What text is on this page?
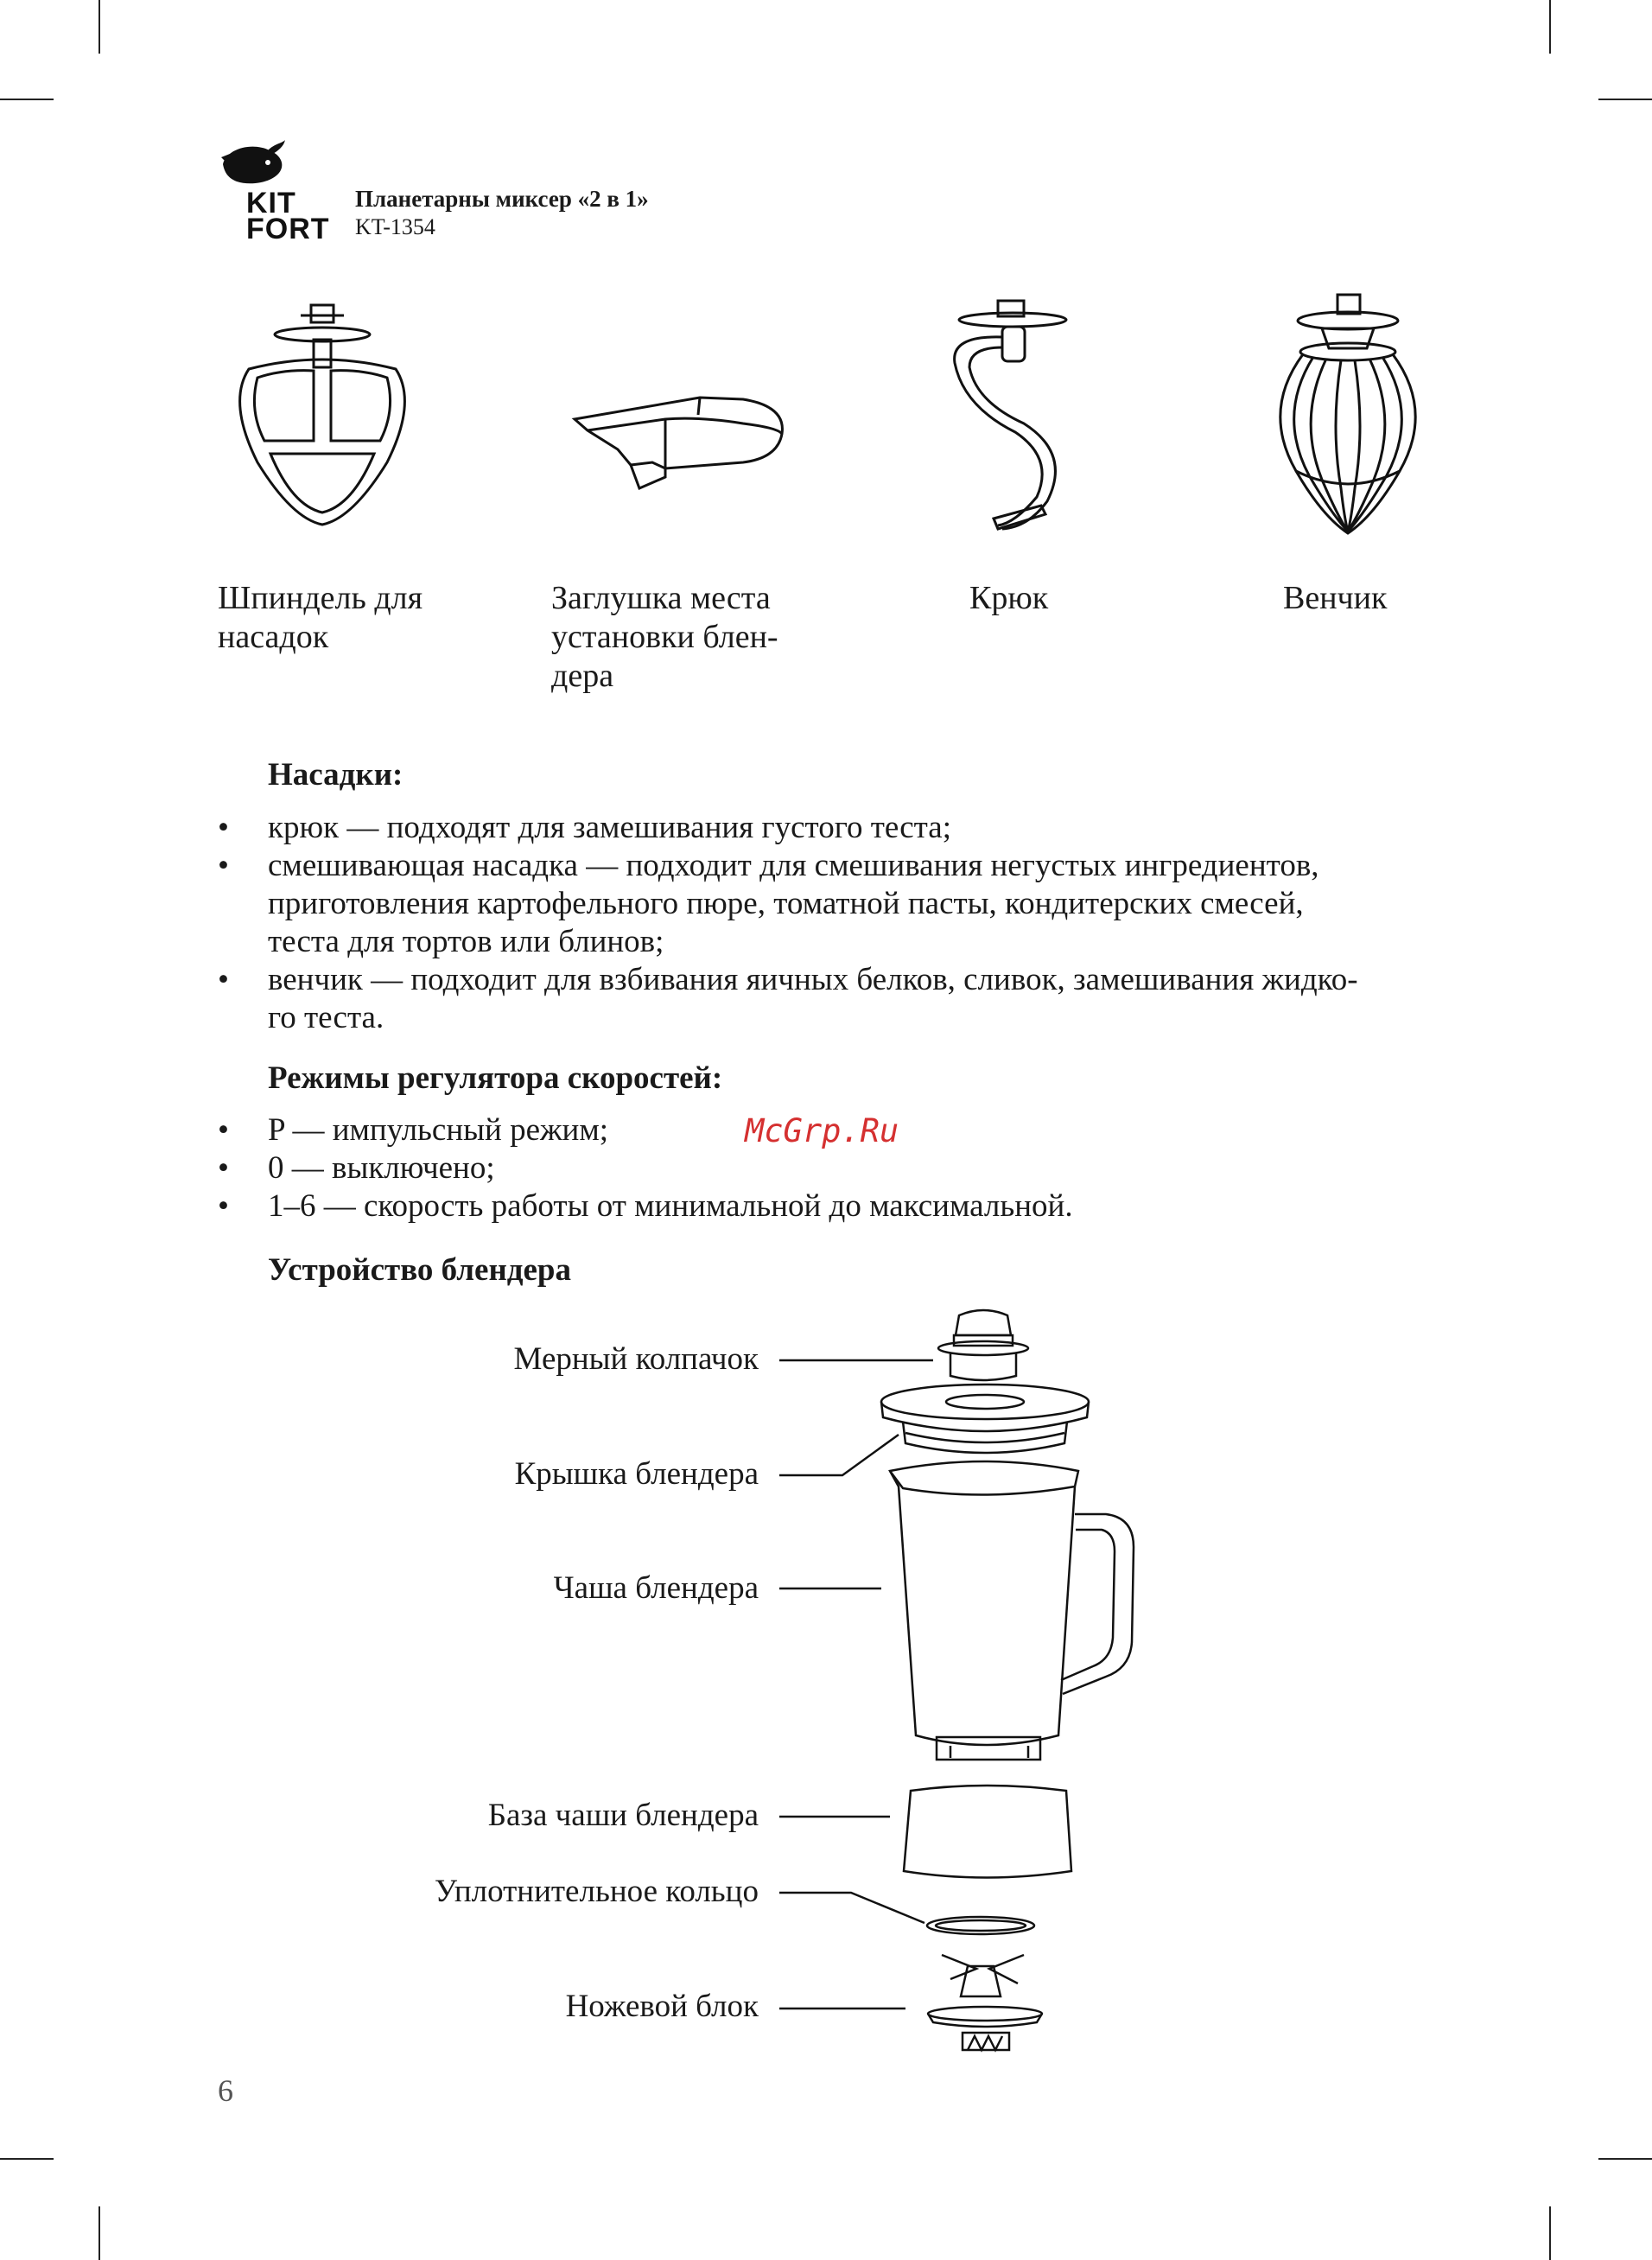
KIT
FORT
Планетарны миксер «2 в 1»
KT-1354
Шпиндель для
насадок
Заглушка места
установки блен-
дера
Крюк	Венчик
Насадки:
• крюк — подходят для замешивания густого теста;
• смешивающая насадка — подходит для смешивания негустых ингредиентов,
приготовления картофельного пюре, томатной пасты, кондитерских смесей,
теста для тортов или блинов;
• венчик — подходит для взбивания яичных белков, сливок, замешивания жидко-
го теста.
Режимы регулятора скоростей:
• P — импульсный режим;
• 0 — выключено;
• 1–6 — скорость работы от минимальной до максимальной.
McGrp.Ru
Устройство блендера
Мерный колпачок
Крышка блендера
Чаша блендера
База чаши блендера
Уплотнительное кольцо
Ножевой блок
6
